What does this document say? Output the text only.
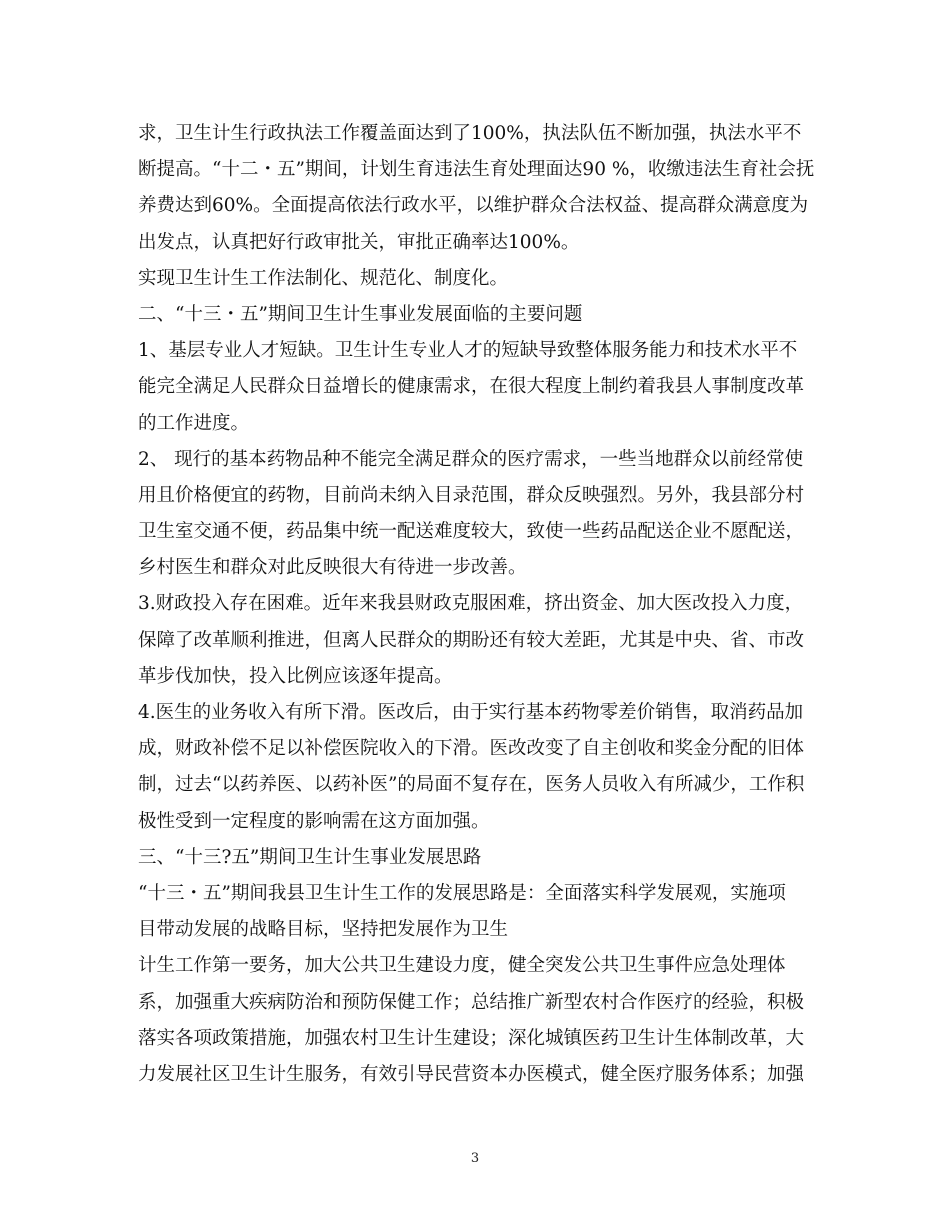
求，卫生计生行政执法工作覆盖面达到了100%，执法队伍不断加强，执法水平不
断提高。“十二・五”期间，计划生育违法生育处理面达90 %，收缴违法生育社会抚
养费达到60%。全面提高依法行政水平，以维护群众合法权益、提高群众满意度为
出发点，认真把好行政审批关，审批正确率达100%。
实现卫生计生工作法制化、规范化、制度化。
二、“十三・五”期间卫生计生事业发展面临的主要问题
1、基层专业人才短缺。卫生计生专业人才的短缺导致整体服务能力和技术水平不
能完全满足人民群众日益增长的健康需求，在很大程度上制约着我县人事制度改革
的工作进度。
2、 现行的基本药物品种不能完全满足群众的医疗需求，一些当地群众以前经常使
用且价格便宜的药物，目前尚未纳入目录范围，群众反映强烈。另外，我县部分村
卫生室交通不便，药品集中统一配送难度较大，致使一些药品配送企业不愿配送，
乡村医生和群众对此反映很大有待进一步改善。
3.财政投入存在困难。近年来我县财政克服困难，挤出资金、加大医改投入力度，
保障了改革顺利推进，但离人民群众的期盼还有较大差距，尤其是中央、省、市改
革步伐加快，投入比例应该逐年提高。
4.医生的业务收入有所下滑。医改后，由于实行基本药物零差价销售，取消药品加
成，财政补偿不足以补偿医院收入的下滑。医改改变了自主创收和奖金分配的旧体
制，过去“以药养医、以药补医”的局面不复存在，医务人员收入有所减少，工作积
极性受到一定程度的影响需在这方面加强。
三、“十三?五”期间卫生计生事业发展思路
“十三・五”期间我县卫生计生工作的发展思路是：全面落实科学发展观，实施项
目带动发展的战略目标，坚持把发展作为卫生
计生工作第一要务，加大公共卫生建设力度，健全突发公共卫生事件应急处理体
系，加强重大疾病防治和预防保健工作；总结推广新型农村合作医疗的经验，积极
落实各项政策措施，加强农村卫生计生建设；深化城镇医药卫生计生体制改革，大
力发展社区卫生计生服务，有效引导民营资本办医模式，健全医疗服务体系；加强
3
